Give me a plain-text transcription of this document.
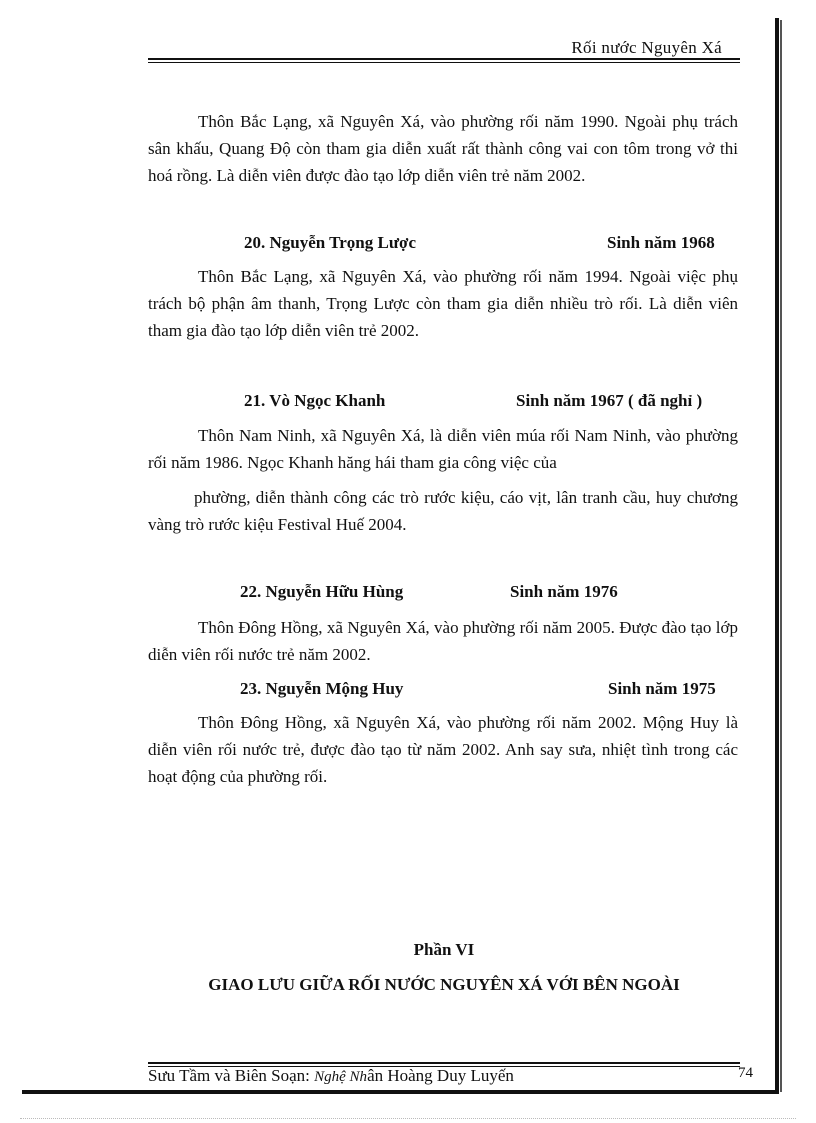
Rối nước Nguyên Xá

Thôn Bắc Lạng, xã Nguyên Xá, vào phường rối năm 1990. Ngoài phụ trách sân khấu, Quang Độ còn tham gia diễn xuất rất thành công vai con tôm trong vở thi hoá rồng. Là diễn viên được đào tạo lớp diễn viên trẻ năm 2002.

20. Nguyễn Trọng Lược	Sinh năm 1968

Thôn Bắc Lạng, xã Nguyên Xá, vào phường rối năm 1994. Ngoài việc phụ trách bộ phận âm thanh, Trọng Lược còn tham gia diễn nhiều trò rối. Là diễn viên tham gia đào tạo lớp diễn viên trẻ 2002.

21. Vò Ngọc Khanh	Sinh năm 1967 ( đã nghỉ )

Thôn Nam Ninh, xã Nguyên Xá, là diễn viên múa rối Nam Ninh, vào phường rối năm 1986. Ngọc Khanh hăng hái tham gia công việc của

phường, diễn thành công các trò rước kiệu, cáo vịt, lân tranh cầu, huy chương vàng trò rước kiệu Festival Huế 2004.

22. Nguyễn Hữu Hùng	Sinh năm 1976

Thôn Đông Hồng, xã Nguyên Xá, vào phường rối năm 2005. Được đào tạo lớp diễn viên rối nước trẻ năm 2002.

23. Nguyễn Mộng Huy	Sinh năm 1975

Thôn Đông Hồng, xã Nguyên Xá, vào phường rối năm 2002. Mộng Huy là diễn viên rối nước trẻ, được đào tạo từ năm 2002. Anh say sưa, nhiệt tình trong các hoạt động của phường rối.

Phần VI
GIAO LƯU GIỮA RỐI NƯỚC NGUYÊN XÁ VỚI BÊN NGOÀI
Sưu Tầm và Biên Soạn: Nghệ Nhân Hoàng Duy Luyến	74
